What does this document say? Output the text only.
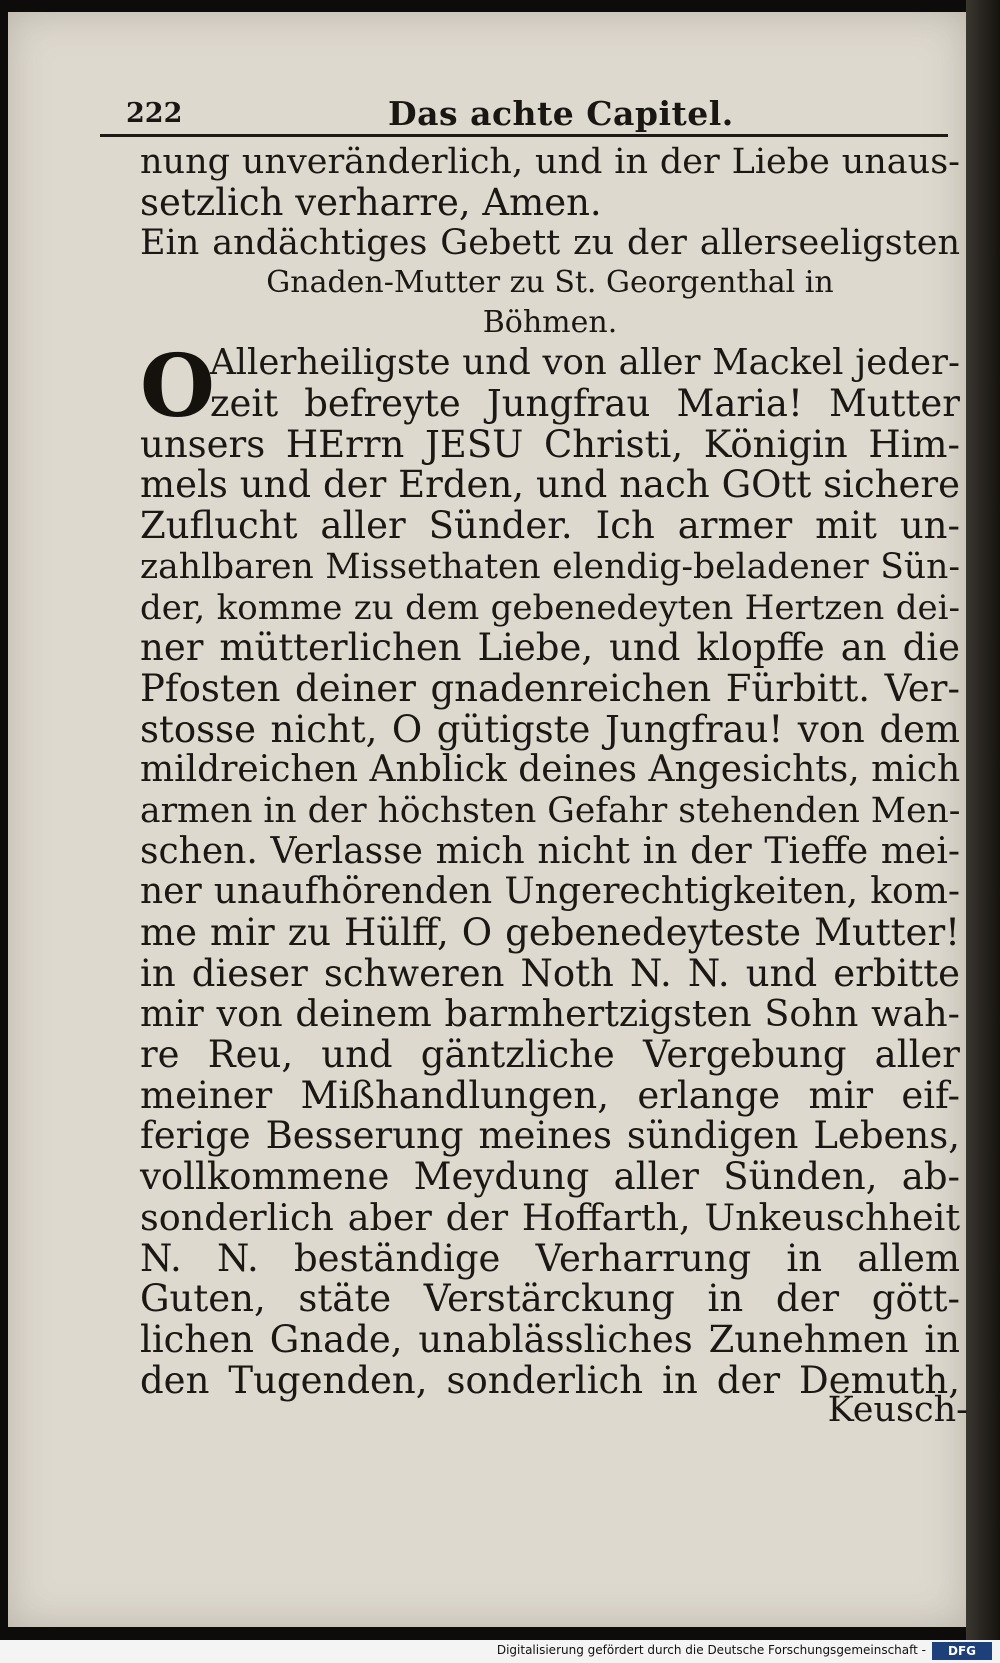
222	Das achte Capitel.
nung unveränderlich, und in der Liebe unaus-
setzlich verharre, Amen.
Ein andächtiges Gebett zu der allerseeligsten
Gnaden-Mutter zu St. Georgenthal in
Böhmen.
O
Allerheiligste und von aller Mackel jeder-
zeit befreyte Jungfrau Maria! Mutter
unsers HErrn JESU Christi, Königin Him-
mels und der Erden, und nach GOtt sichere
Zuflucht aller Sünder. Ich armer mit un-
zahlbaren Missethaten elendig-beladener Sün-
der, komme zu dem gebenedeyten Hertzen dei-
ner mütterlichen Liebe, und klopffe an die
Pfosten deiner gnadenreichen Fürbitt. Ver-
stosse nicht, O gütigste Jungfrau! von dem
mildreichen Anblick deines Angesichts, mich
armen in der höchsten Gefahr stehenden Men-
schen. Verlasse mich nicht in der Tieffe mei-
ner unaufhörenden Ungerechtigkeiten, kom-
me mir zu Hülff, O gebenedeyteste Mutter!
in dieser schweren Noth N. N. und erbitte
mir von deinem barmhertzigsten Sohn wah-
re Reu, und gäntzliche Vergebung aller
meiner Mißhandlungen, erlange mir eif-
ferige Besserung meines sündigen Lebens,
vollkommene Meydung aller Sünden, ab-
sonderlich aber der Hoffarth, Unkeuschheit
N. N. beständige Verharrung in allem
Guten, stäte Verstärckung in der gött-
lichen Gnade, unablässliches Zunehmen in
den Tugenden, sonderlich in der Demuth,
Keusch-
Digitalisierung gefördert durch die Deutsche Forschungsgemeinschaft -	DFG
